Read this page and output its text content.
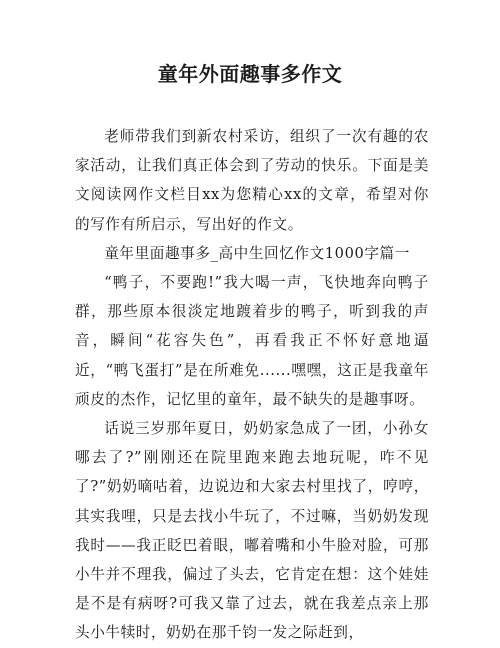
童年外面趣事多作文

老师带我们到新农村采访，组织了一次有趣的农家活动，让我们真正体会到了劳动的快乐。下面是美文阅读网作文栏目xx为您精心xx的文章，希望对你的写作有所启示，写出好的作文。

童年里面趣事多_高中生回忆作文1000字篇一

“鸭子，不要跑!”我大喝一声，飞快地奔向鸭子群，那些原本很淡定地踱着步的鸭子，听到我的声音，瞬间“花容失色”，再看我正不怀好意地逼近，“鸭飞蛋打”是在所难免......嘿嘿，这正是我童年顽皮的杰作，记忆里的童年，最不缺失的是趣事呀。

话说三岁那年夏日，奶奶家急成了一团，小孙女哪去了?”刚刚还在院里跑来跑去地玩呢，咋不见了?”奶奶嘀咕着，边说边和大家去村里找了，哼哼，其实我哩，只是去找小牛玩了，不过嘛，当奶奶发现我时——我正眨巴着眼，嘟着嘴和小牛脸对脸，可那小牛并不理我，偏过了头去，它肯定在想：这个娃娃是不是有病呀?可我又靠了过去，就在我差点亲上那头小牛犊时，奶奶在那千钧一发之际赶到，
